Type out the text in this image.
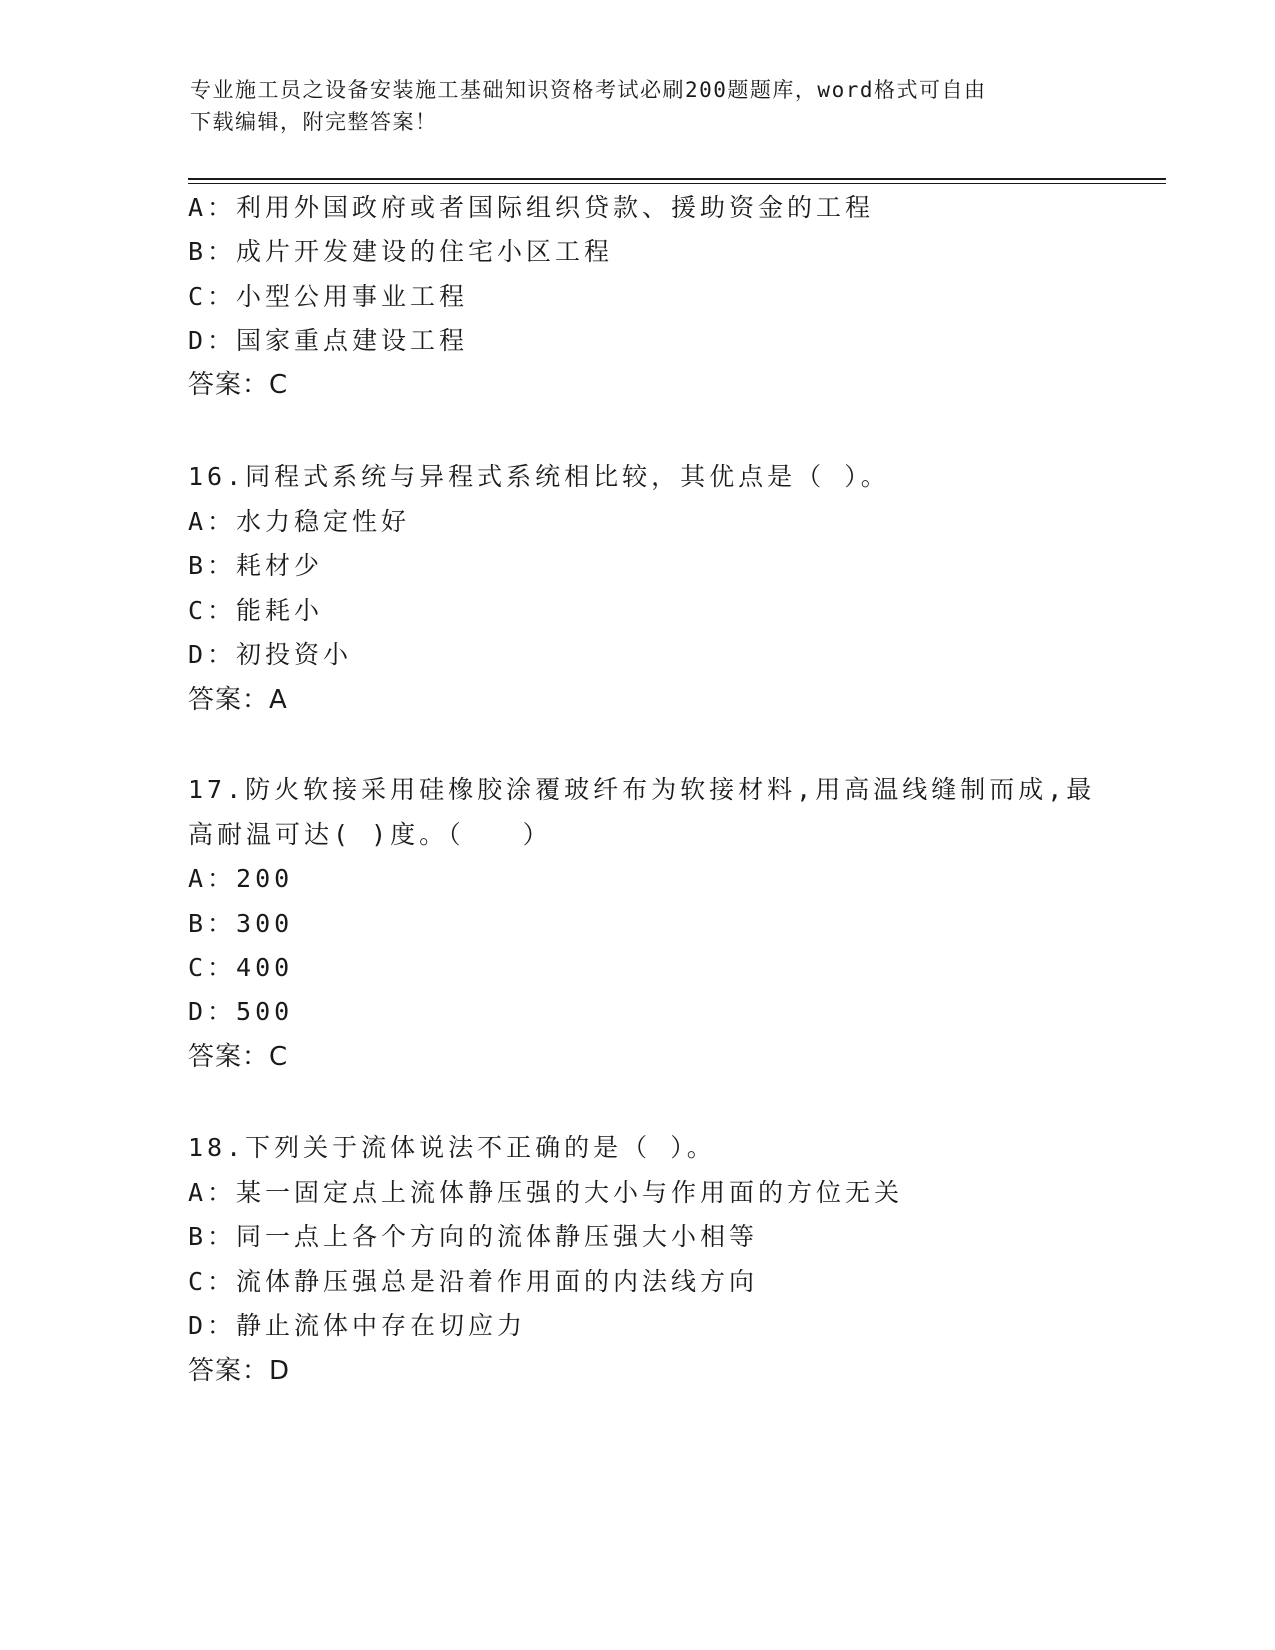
专业施工员之设备安装施工基础知识资格考试必刷200题题库，word格式可自由
下载编辑，附完整答案！
A：利用外国政府或者国际组织贷款、援助资金的工程
B：成片开发建设的住宅小区工程
C：小型公用事业工程
D：国家重点建设工程
答案：C
16.同程式系统与异程式系统相比较，其优点是（ ）。
A：水力稳定性好
B：耗材少
C：能耗小
D：初投资小
答案：A
17.防火软接采用硅橡胶涂覆玻纤布为软接材料,用高温线缝制而成,最
高耐温可达( )度。（　　）
A：200
B：300
C：400
D：500
答案：C
18.下列关于流体说法不正确的是（ ）。
A：某一固定点上流体静压强的大小与作用面的方位无关
B：同一点上各个方向的流体静压强大小相等
C：流体静压强总是沿着作用面的内法线方向
D：静止流体中存在切应力
答案：D
